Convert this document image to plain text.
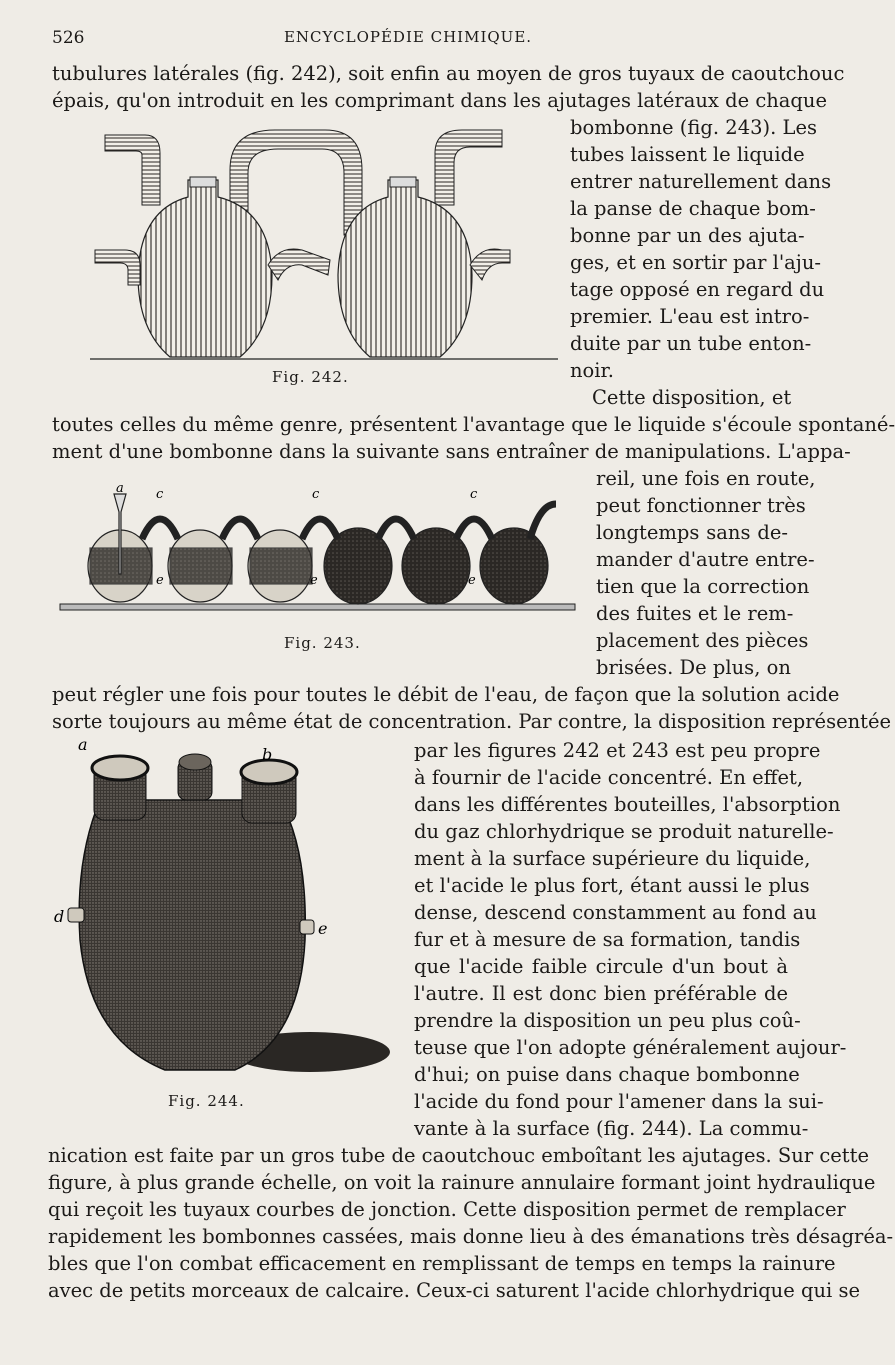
526	ENCYCLOPÉDIE CHIMIQUE.
tubulures latérales (fig. 242), soit enfin au moyen de gros tuyaux de caoutchouc
épais, qu'on introduit en les comprimant dans les ajutages latéraux de chaque
bombonne (fig. 243). Les
tubes laissent le liquide
entrer naturellement dans
la panse de chaque bom-
bonne par un des ajuta-
ges, et en sortir par l'aju-
tage opposé en regard du
premier. L'eau est intro-
duite par un tube enton-
noir.
Cette disposition, et
toutes celles du même genre, présentent l'avantage que le liquide s'écoule spontané-
ment d'une bombonne dans la suivante sans entraîner de manipulations. L'appa-
reil, une fois en route,
peut fonctionner très
longtemps sans de-
mander d'autre entre-
tien que la correction
des fuites et le rem-
placement des pièces
brisées. De plus, on
peut régler une fois pour toutes le débit de l'eau, de façon que la solution acide
sorte toujours au même état de concentration. Par contre, la disposition représentée
par les figures 242 et 243 est peu propre
à fournir de l'acide concentré. En effet,
dans les différentes bouteilles, l'absorption
du gaz chlorhydrique se produit naturelle-
ment à la surface supérieure du liquide,
et l'acide le plus fort, étant aussi le plus
dense, descend constamment au fond au
fur et à mesure de sa formation, tandis
que l'acide faible circule d'un bout à
l'autre. Il est donc bien préférable de
prendre la disposition un peu plus coû-
teuse que l'on adopte généralement aujour-
d'hui; on puise dans chaque bombonne
l'acide du fond pour l'amener dans la sui-
vante à la surface (fig. 244). La commu-
nication est faite par un gros tube de caoutchouc emboîtant les ajutages. Sur cette
figure, à plus grande échelle, on voit la rainure annulaire formant joint hydraulique
qui reçoit les tuyaux courbes de jonction. Cette disposition permet de remplacer
rapidement les bombonnes cassées, mais donne lieu à des émanations très désagréa-
bles que l'on combat efficacement en remplissant de temps en temps la rainure
avec de petits morceaux de calcaire. Ceux-ci saturent l'acide chlorhydrique qui se
Fig. 242.
a c	c	c
e	e	e
Fig. 243.
a
b
d
e
Fig. 244.
